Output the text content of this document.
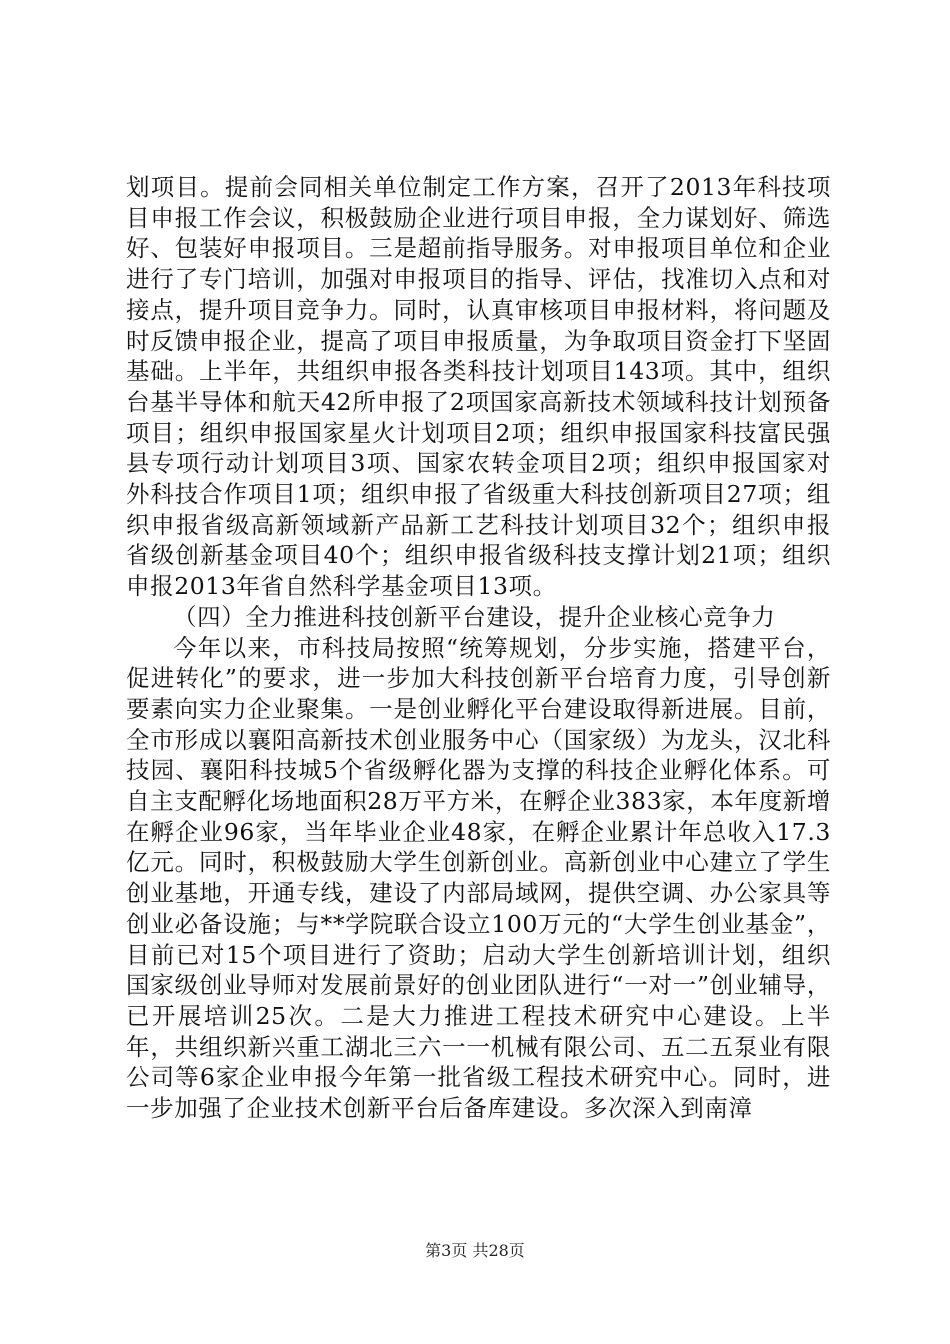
划项目。提前会同相关单位制定工作方案，召开了2013年科技项目申报工作会议，积极鼓励企业进行项目申报，全力谋划好、筛选好、包装好申报项目。三是超前指导服务。对申报项目单位和企业进行了专门培训，加强对申报项目的指导、评估，找准切入点和对接点，提升项目竞争力。同时，认真审核项目申报材料，将问题及时反馈申报企业，提高了项目申报质量，为争取项目资金打下坚固基础。上半年，共组织申报各类科技计划项目143项。其中，组织台基半导体和航天42所申报了2项国家高新技术领域科技计划预备项目；组织申报国家星火计划项目2项；组织申报国家科技富民强县专项行动计划项目3项、国家农转金项目2项；组织申报国家对外科技合作项目1项；组织申报了省级重大科技创新项目27项；组织申报省级高新领域新产品新工艺科技计划项目32个；组织申报省级创新基金项目40个；组织申报省级科技支撑计划21项；组织申报2013年省自然科学基金项目13项。

（四）全力推进科技创新平台建设，提升企业核心竞争力

今年以来，市科技局按照“统筹规划，分步实施，搭建平台，促进转化”的要求，进一步加大科技创新平台培育力度，引导创新要素向实力企业聚集。一是创业孵化平台建设取得新进展。目前，全市形成以襄阳高新技术创业服务中心（国家级）为龙头，汉北科技园、襄阳科技城5个省级孵化器为支撑的科技企业孵化体系。可自主支配孵化场地面积28万平方米，在孵企业383家，本年度新增在孵企业96家，当年毕业企业48家，在孵企业累计年总收入17.3亿元。同时，积极鼓励大学生创新创业。高新创业中心建立了学生创业基地，开通专线，建设了内部局域网，提供空调、办公家具等创业必备设施；与**学院联合设立100万元的“大学生创业基金”，目前已对15个项目进行了资助；启动大学生创新培训计划，组织国家级创业导师对发展前景好的创业团队进行“一对一”创业辅导，已开展培训25次。二是大力推进工程技术研究中心建设。上半年，共组织新兴重工湖北三六一一机械有限公司、五二五泵业有限公司等6家企业申报今年第一批省级工程技术研究中心。同时，进一步加强了企业技术创新平台后备库建设。多次深入到南漳

第3页 共28页
